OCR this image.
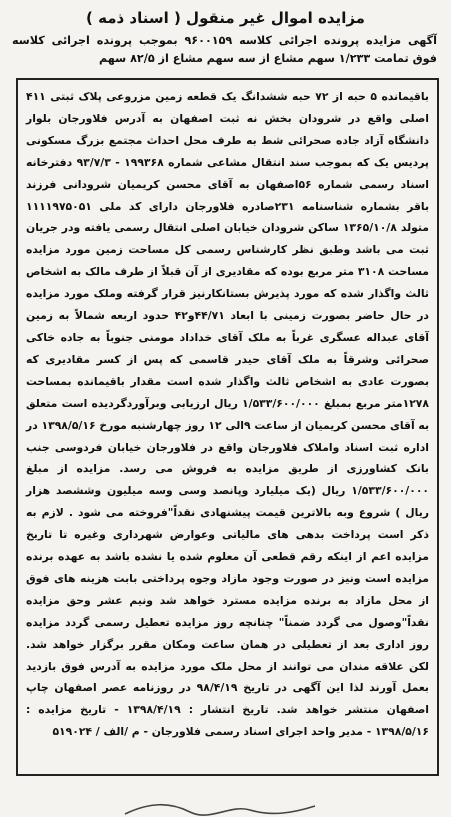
مزایده اموال غیر منقول ( اسناد ذمه )

آگهی مزایده پرونده اجرائی کلاسه ۹۶۰۰۱۵۹ بموجب پرونده اجرائی کلاسه فوق تمامت ۱/۲۳۳ سهم مشاع از سه سهم مشاع از ۸۲/۵ سهم

باقیمانده ۵ حبه از ۷۲ حبه ششدانگ یک قطعه زمین مزروعی پلاک ثبتی ۴۱۱ اصلی واقع در شرودان بخش نه ثبت اصفهان به آدرس فلاورجان بلوار دانشگاه آزاد جاده صحرائی شط به طرف محل احداث مجتمع بزرگ مسکونی پردیس یک که بموجب سند انتقال مشاعی شماره ۱۹۹۳۶۸ - ۹۳/۷/۳ دفترخانه اسناد رسمی شماره ۵۶اصفهان به آقای محسن کریمیان شرودانی فرزند باقر بشماره شناسنامه ۲۳۱صادره فلاورجان دارای کد ملی ۱۱۱۱۹۷۵۰۵۱ متولد ۱۳۶۵/۱۰/۸ ساکن شرودان خیابان اصلی انتقال رسمی یافته ودر جریان ثبت می باشد وطبق نظر کارشناس رسمی کل مساحت زمین مورد مزایده مساحت ۳۱۰۸ متر مربع بوده که مقادیری از آن قبلاً از طرف مالک به اشخاص ثالث واگذار شده که مورد پذیرش بستانکارنیز قرار گرفته وملک مورد مزایده در حال حاضر بصورت زمینی با ابعاد ۴۴/۷۱و۴۲ حدود اربعه شمالاً به زمین آقای عبداله عسگری غرباً به ملک آقای خداداد مومنی جنوباً به جاده خاکی صحرائی وشرقاً به ملک آقای حیدر قاسمی که پس از کسر مقادیری که بصورت عادی به اشخاص ثالث واگذار شده است مقدار باقیمانده بمساحت ۱۲۷۸متر مربع بمبلغ ۱/۵۳۳/۶۰۰/۰۰۰ ریال ارزیابی وبرآوردگردیده است متعلق به آقای محسن کریمیان از ساعت ۹الی ۱۲ روز چهارشنبه مورخ ۱۳۹۸/۵/۱۶ در اداره ثبت اسناد واملاک فلاورجان واقع در فلاورجان خیابان فردوسی جنب بانک کشاورزی از طریق مزایده به فروش می رسد. مزایده از مبلغ ۱/۵۳۳/۶۰۰/۰۰۰ ریال (یک میلیارد وپانصد وسی وسه میلیون وششصد هزار ریال ) شروع وبه بالاترین قیمت پیشنهادی نقداً"فروخته می شود . لازم به ذکر است پرداخت بدهی های مالیاتی وعوارض شهرداری وغیره تا تاریخ مزایده اعم از اینکه رقم قطعی آن معلوم شده یا نشده باشد به عهده برنده مزایده است ونیز در صورت وجود مازاد وجوه پرداختی بابت هزینه های فوق از محل مازاد به برنده مزایده مسترد خواهد شد ونیم عشر وحق مزایده نقداً"وصول می گردد ضمناً" چنانچه روز مزایده تعطیل رسمی گردد مزایده روز اداری بعد از تعطیلی در همان ساعت ومکان مقرر برگزار خواهد شد. لکن علاقه مندان می توانند از محل ملک مورد مزایده به آدرس فوق بازدید بعمل آورند لذا این آگهی در تاریخ ۹۸/۴/۱۹ در روزنامه عصر اصفهان چاپ اصفهان منتشر خواهد شد. تاریخ انتشار : ۱۳۹۸/۴/۱۹ - تاریخ مزایده : ۱۳۹۸/۵/۱۶ - مدیر واحد اجرای اسناد رسمی فلاورجان - م /الف / ۵۱۹۰۲۴
